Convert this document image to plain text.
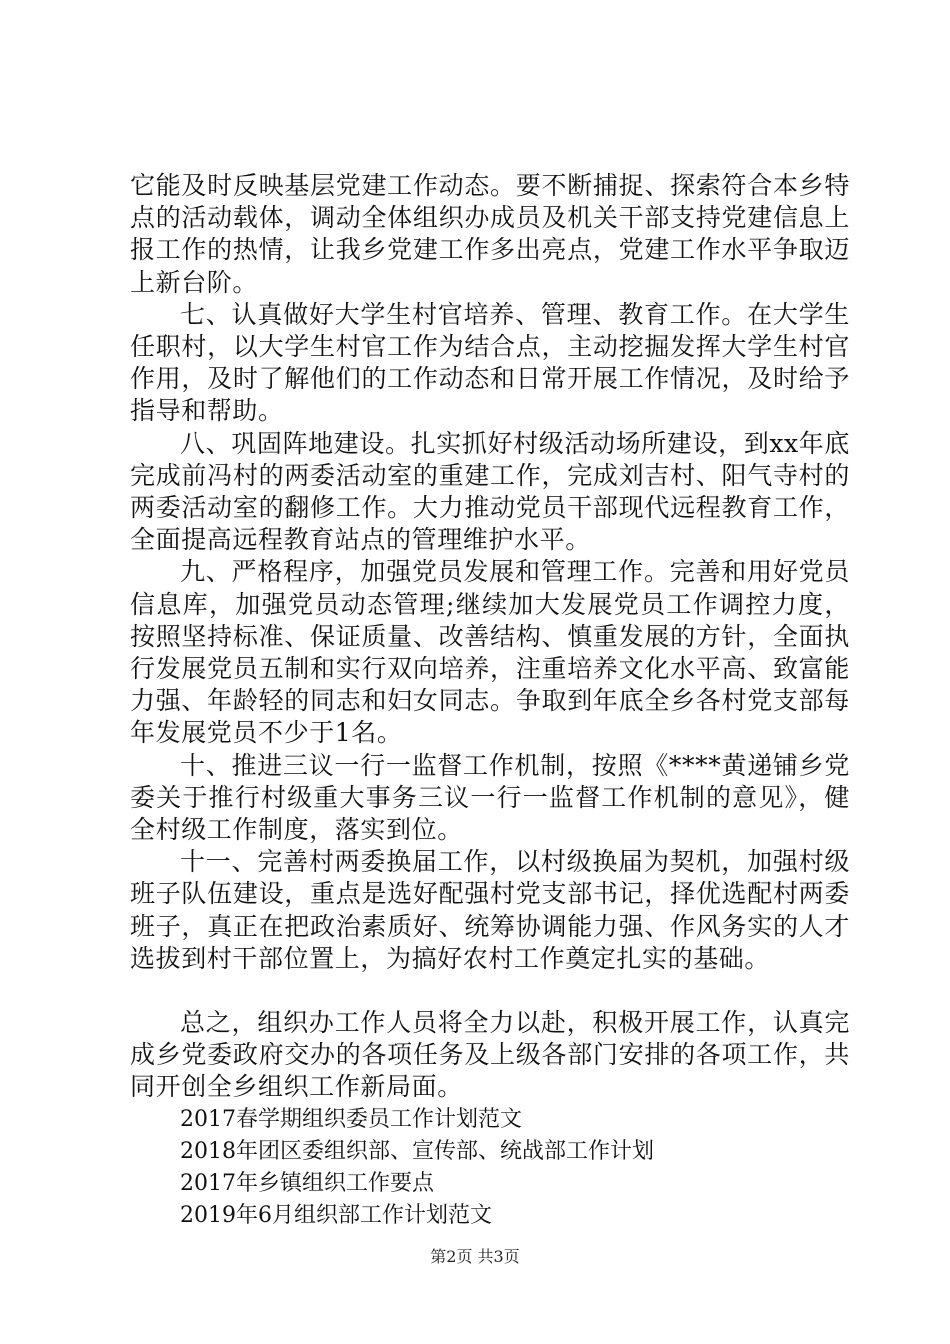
它能及时反映基层党建工作动态。要不断捕捉、探索符合本乡特点的活动载体，调动全体组织办成员及机关干部支持党建信息上报工作的热情，让我乡党建工作多出亮点，党建工作水平争取迈上新台阶。

七、认真做好大学生村官培养、管理、教育工作。在大学生任职村，以大学生村官工作为结合点，主动挖掘发挥大学生村官作用，及时了解他们的工作动态和日常开展工作情况，及时给予指导和帮助。

八、巩固阵地建设。扎实抓好村级活动场所建设，到xx年底完成前冯村的两委活动室的重建工作，完成刘吉村、阳气寺村的两委活动室的翻修工作。大力推动党员干部现代远程教育工作，全面提高远程教育站点的管理维护水平。

九、严格程序，加强党员发展和管理工作。完善和用好党员信息库，加强党员动态管理;继续加大发展党员工作调控力度，按照坚持标准、保证质量、改善结构、慎重发展的方针，全面执行发展党员五制和实行双向培养，注重培养文化水平高、致富能力强、年龄轻的同志和妇女同志。争取到年底全乡各村党支部每年发展党员不少于1名。

十、推进三议一行一监督工作机制，按照《****黄递铺乡党委关于推行村级重大事务三议一行一监督工作机制的意见》，健全村级工作制度，落实到位。

十一、完善村两委换届工作，以村级换届为契机，加强村级班子队伍建设，重点是选好配强村党支部书记，择优选配村两委班子，真正在把政治素质好、统筹协调能力强、作风务实的人才选拔到村干部位置上，为搞好农村工作奠定扎实的基础。

总之，组织办工作人员将全力以赴，积极开展工作，认真完成乡党委政府交办的各项任务及上级各部门安排的各项工作，共同开创全乡组织工作新局面。

2017春学期组织委员工作计划范文
2018年团区委组织部、宣传部、统战部工作计划
2017年乡镇组织工作要点
2019年6月组织部工作计划范文
第2页 共3页
